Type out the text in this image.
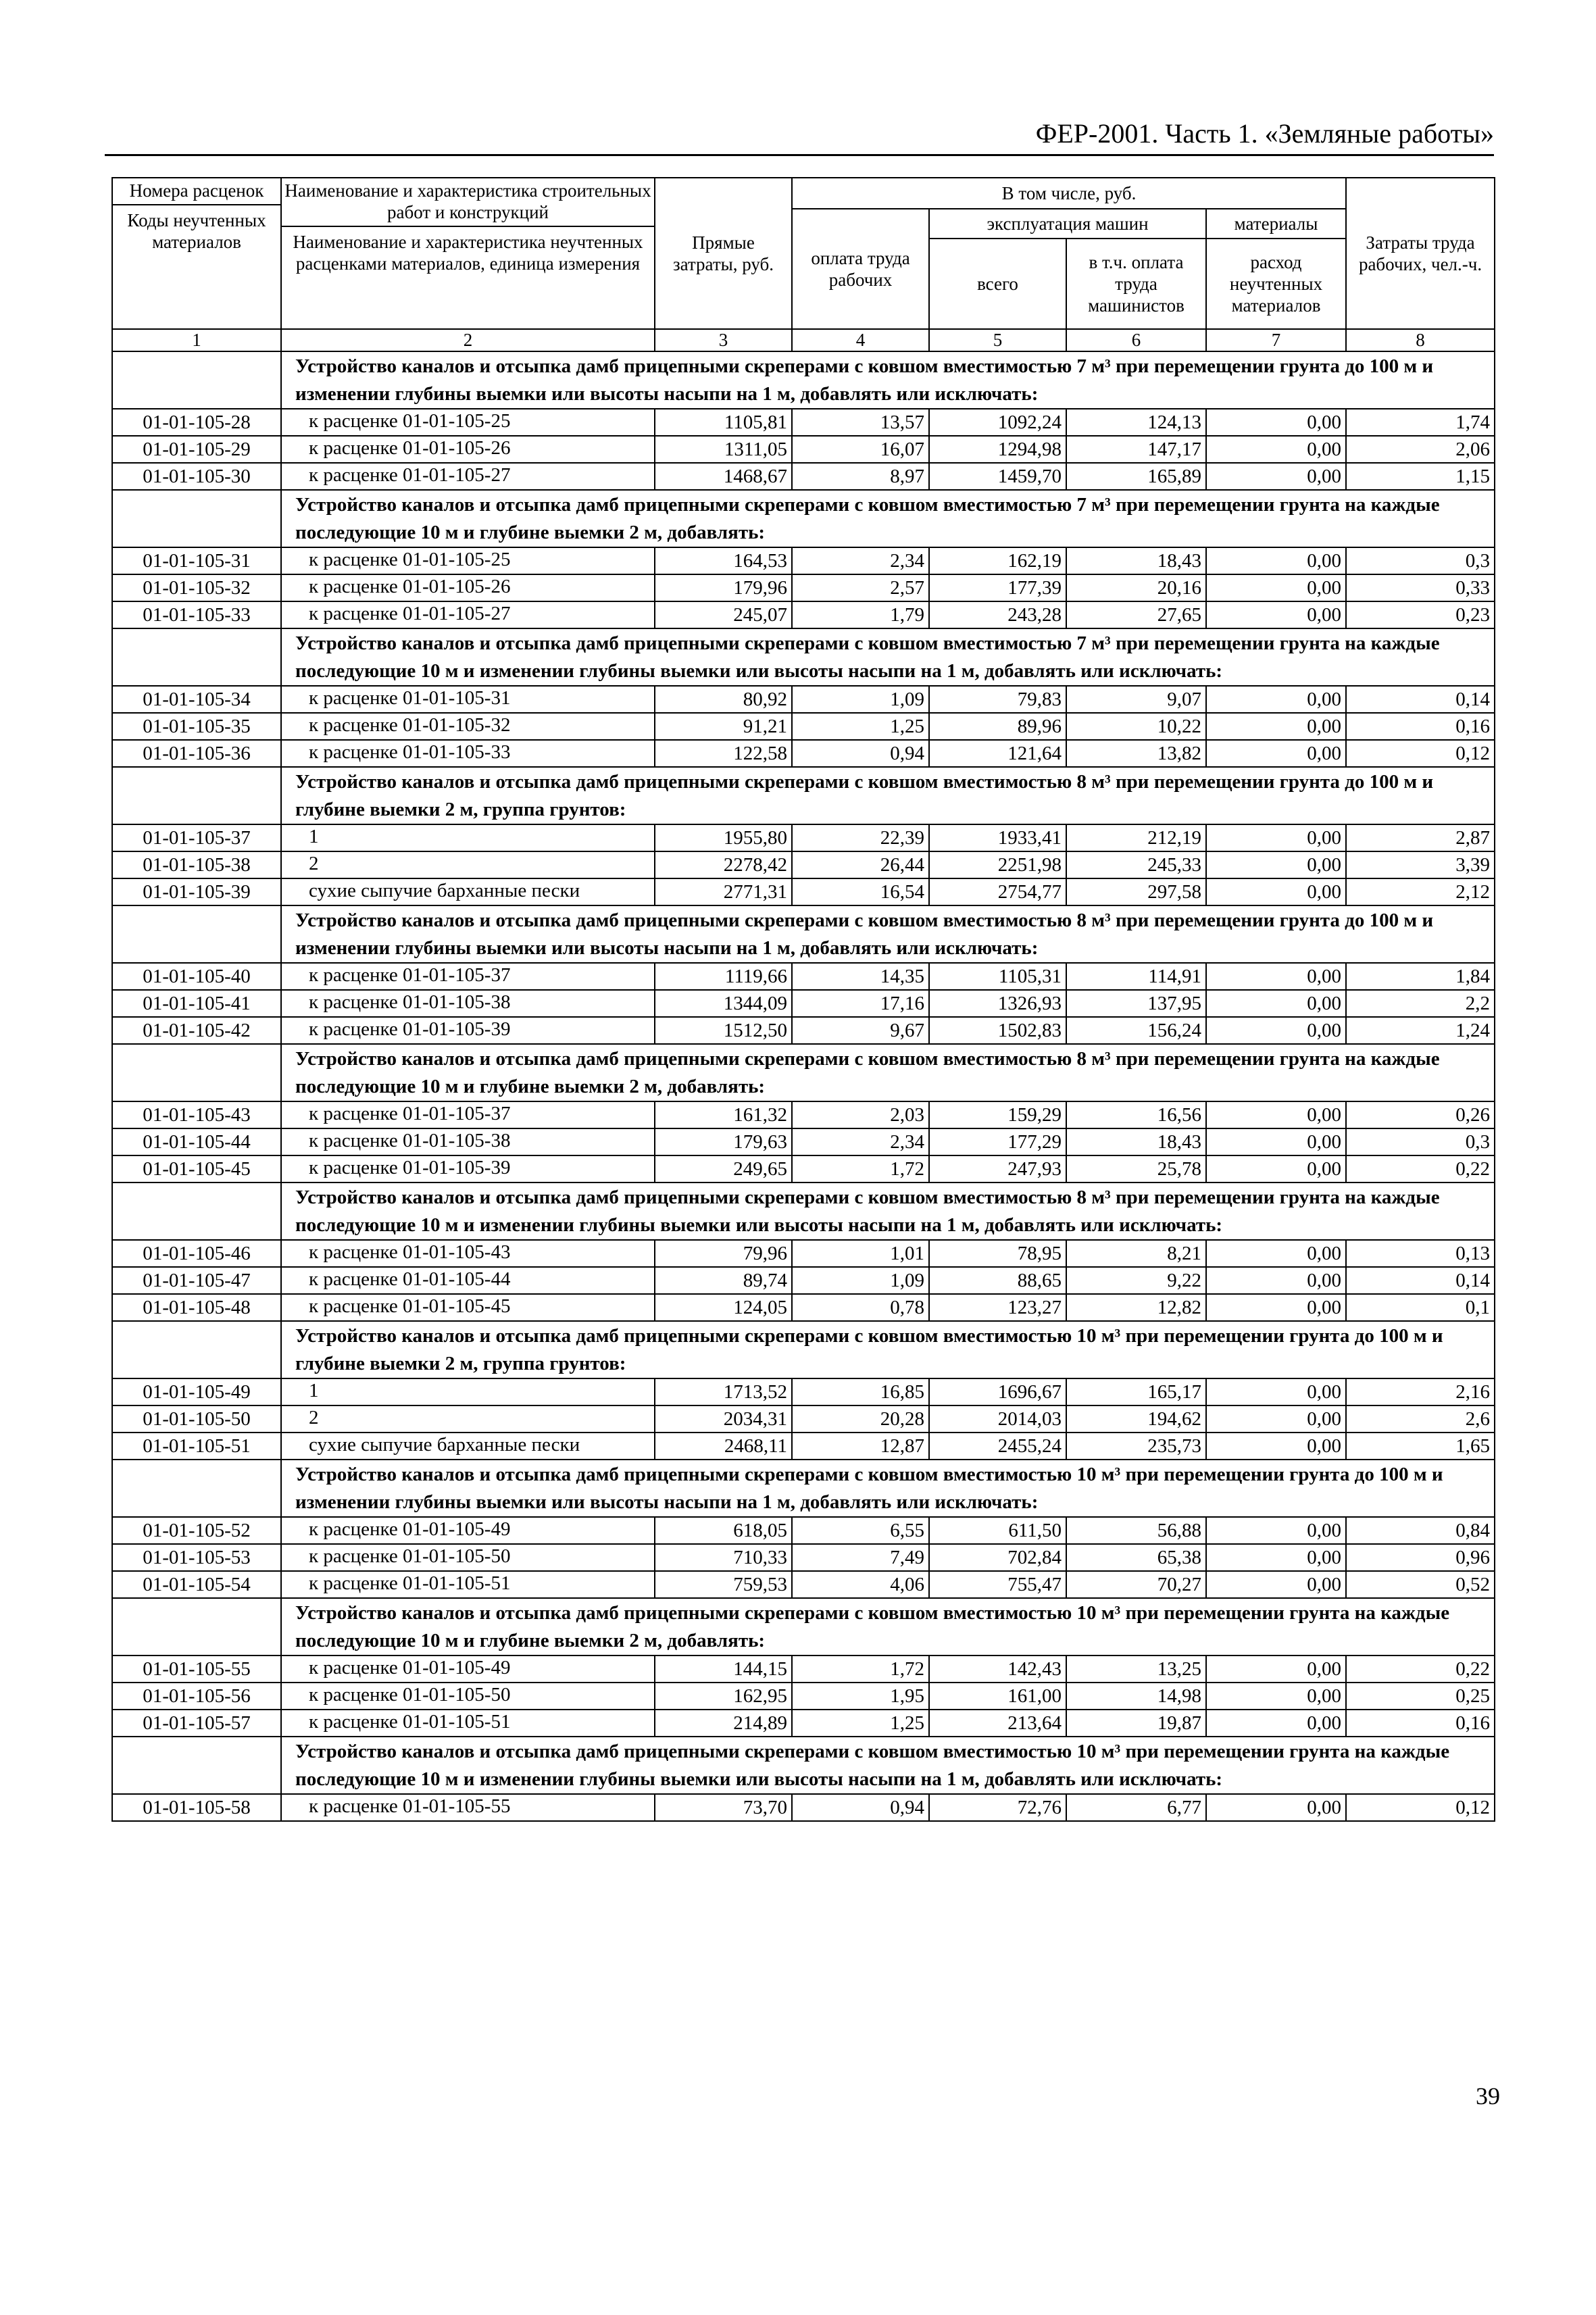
ФЕР-2001. Часть 1. «Земляные работы»
Номера расценок
Коды неучтенных материалов	Наименование и характеристика строительных работ и конструкций
Наименование и характеристика неучтенных расценками материалов, единица измерения	Прямые затраты, руб.	В том числе, руб.				Затраты труда рабочих, чел.-ч.
			оплата труда рабочих	эксплуатация машин		материалы	
				всего	в т.ч. оплата труда машинистов	расход неучтенных материалов	
1	2	3	4	5	6	7	8
	Устройство каналов и отсыпка дамб прицепными скреперами с ковшом вместимостью 7 м³ при перемещении грунта до 100 м и изменении глубины выемки или высоты насыпи на 1 м, добавлять или исключать:						
01-01-105-28	к расценке 01-01-105-25	1105,81	13,57	1092,24	124,13	0,00	1,74
01-01-105-29	к расценке 01-01-105-26	1311,05	16,07	1294,98	147,17	0,00	2,06
01-01-105-30	к расценке 01-01-105-27	1468,67	8,97	1459,70	165,89	0,00	1,15
	Устройство каналов и отсыпка дамб прицепными скреперами с ковшом вместимостью 7 м³ при перемещении грунта на каждые последующие 10 м и глубине выемки 2 м, добавлять:						
01-01-105-31	к расценке 01-01-105-25	164,53	2,34	162,19	18,43	0,00	0,3
01-01-105-32	к расценке 01-01-105-26	179,96	2,57	177,39	20,16	0,00	0,33
01-01-105-33	к расценке 01-01-105-27	245,07	1,79	243,28	27,65	0,00	0,23
	Устройство каналов и отсыпка дамб прицепными скреперами с ковшом вместимостью 7 м³ при перемещении грунта на каждые последующие 10 м и изменении глубины выемки или высоты насыпи на 1 м, добавлять или исключать:						
01-01-105-34	к расценке 01-01-105-31	80,92	1,09	79,83	9,07	0,00	0,14
01-01-105-35	к расценке 01-01-105-32	91,21	1,25	89,96	10,22	0,00	0,16
01-01-105-36	к расценке 01-01-105-33	122,58	0,94	121,64	13,82	0,00	0,12
	Устройство каналов и отсыпка дамб прицепными скреперами с ковшом вместимостью 8 м³ при перемещении грунта до 100 м и глубине выемки 2 м, группа грунтов:						
01-01-105-37	1	1955,80	22,39	1933,41	212,19	0,00	2,87
01-01-105-38	2	2278,42	26,44	2251,98	245,33	0,00	3,39
01-01-105-39	сухие сыпучие барханные пески	2771,31	16,54	2754,77	297,58	0,00	2,12
	Устройство каналов и отсыпка дамб прицепными скреперами с ковшом вместимостью 8 м³ при перемещении грунта до 100 м и изменении глубины выемки или высоты насыпи на 1 м, добавлять или исключать:						
01-01-105-40	к расценке 01-01-105-37	1119,66	14,35	1105,31	114,91	0,00	1,84
01-01-105-41	к расценке 01-01-105-38	1344,09	17,16	1326,93	137,95	0,00	2,2
01-01-105-42	к расценке 01-01-105-39	1512,50	9,67	1502,83	156,24	0,00	1,24
	Устройство каналов и отсыпка дамб прицепными скреперами с ковшом вместимостью 8 м³ при перемещении грунта на каждые последующие 10 м и глубине выемки 2 м, добавлять:						
01-01-105-43	к расценке 01-01-105-37	161,32	2,03	159,29	16,56	0,00	0,26
01-01-105-44	к расценке 01-01-105-38	179,63	2,34	177,29	18,43	0,00	0,3
01-01-105-45	к расценке 01-01-105-39	249,65	1,72	247,93	25,78	0,00	0,22
	Устройство каналов и отсыпка дамб прицепными скреперами с ковшом вместимостью 8 м³ при перемещении грунта на каждые последующие 10 м и изменении глубины выемки или высоты насыпи на 1 м, добавлять или исключать:						
01-01-105-46	к расценке 01-01-105-43	79,96	1,01	78,95	8,21	0,00	0,13
01-01-105-47	к расценке 01-01-105-44	89,74	1,09	88,65	9,22	0,00	0,14
01-01-105-48	к расценке 01-01-105-45	124,05	0,78	123,27	12,82	0,00	0,1
	Устройство каналов и отсыпка дамб прицепными скреперами с ковшом вместимостью 10 м³ при перемещении грунта до 100 м и глубине выемки 2 м, группа грунтов:						
01-01-105-49	1	1713,52	16,85	1696,67	165,17	0,00	2,16
01-01-105-50	2	2034,31	20,28	2014,03	194,62	0,00	2,6
01-01-105-51	сухие сыпучие барханные пески	2468,11	12,87	2455,24	235,73	0,00	1,65
	Устройство каналов и отсыпка дамб прицепными скреперами с ковшом вместимостью 10 м³ при перемещении грунта до 100 м и изменении глубины выемки или высоты насыпи на 1 м, добавлять или исключать:						
01-01-105-52	к расценке 01-01-105-49	618,05	6,55	611,50	56,88	0,00	0,84
01-01-105-53	к расценке 01-01-105-50	710,33	7,49	702,84	65,38	0,00	0,96
01-01-105-54	к расценке 01-01-105-51	759,53	4,06	755,47	70,27	0,00	0,52
	Устройство каналов и отсыпка дамб прицепными скреперами с ковшом вместимостью 10 м³ при перемещении грунта на каждые последующие 10 м и глубине выемки 2 м, добавлять:						
01-01-105-55	к расценке 01-01-105-49	144,15	1,72	142,43	13,25	0,00	0,22
01-01-105-56	к расценке 01-01-105-50	162,95	1,95	161,00	14,98	0,00	0,25
01-01-105-57	к расценке 01-01-105-51	214,89	1,25	213,64	19,87	0,00	0,16
	Устройство каналов и отсыпка дамб прицепными скреперами с ковшом вместимостью 10 м³ при перемещении грунта на каждые последующие 10 м и изменении глубины выемки или высоты насыпи на 1 м, добавлять или исключать:						
01-01-105-58	к расценке 01-01-105-55	73,70	0,94	72,76	6,77	0,00	0,12
39
